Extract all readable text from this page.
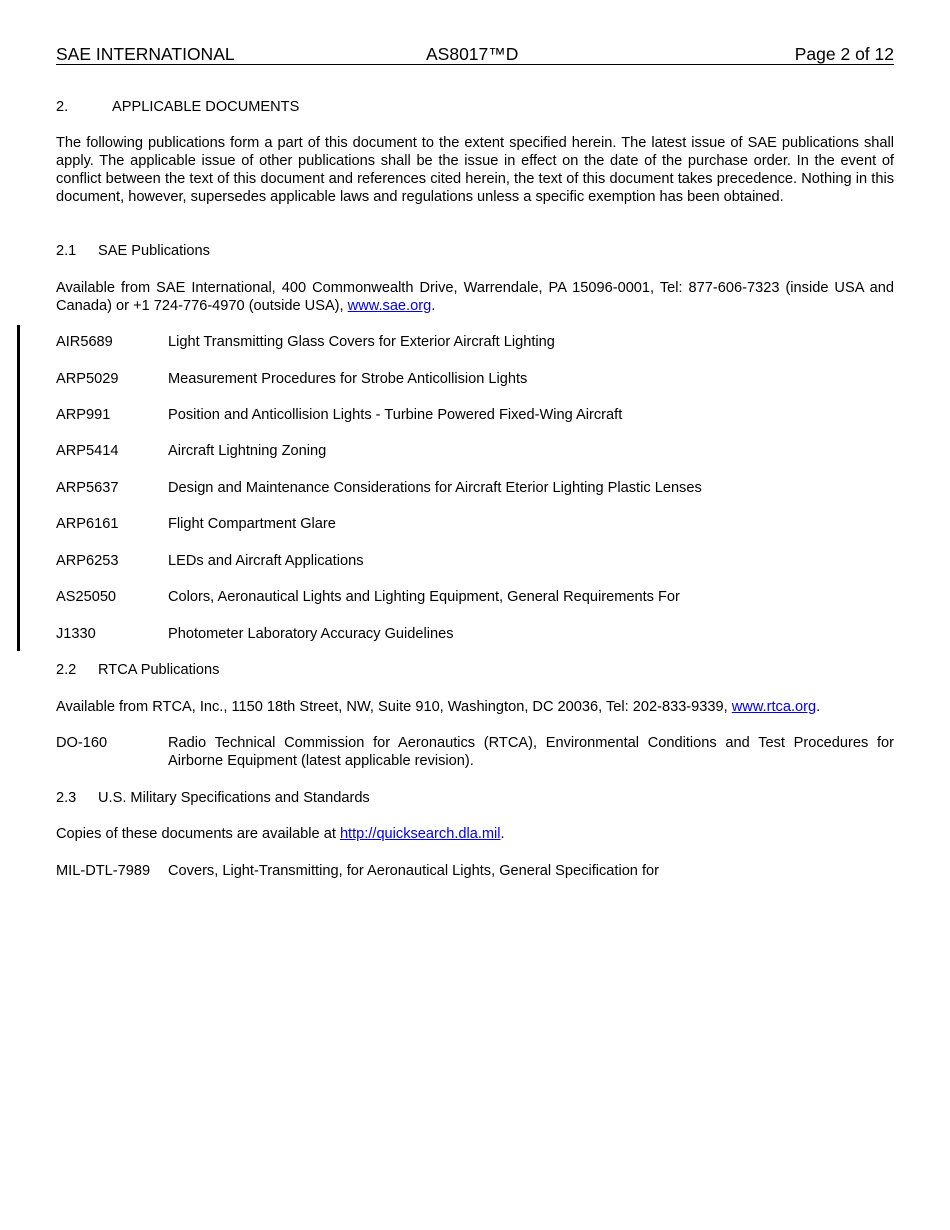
SAE INTERNATIONAL	AS8017™D	Page 2 of 12
2.	APPLICABLE DOCUMENTS
The following publications form a part of this document to the extent specified herein. The latest issue of SAE publications shall apply. The applicable issue of other publications shall be the issue in effect on the date of the purchase order. In the event of conflict between the text of this document and references cited herein, the text of this document takes precedence. Nothing in this document, however, supersedes applicable laws and regulations unless a specific exemption has been obtained.
2.1 SAE Publications
Available from SAE International, 400 Commonwealth Drive, Warrendale, PA 15096-0001, Tel: 877-606-7323 (inside USA and Canada) or +1 724-776-4970 (outside USA), www.sae.org.
AIR5689	Light Transmitting Glass Covers for Exterior Aircraft Lighting
ARP5029	Measurement Procedures for Strobe Anticollision Lights
ARP991	Position and Anticollision Lights - Turbine Powered Fixed-Wing Aircraft
ARP5414	Aircraft Lightning Zoning
ARP5637	Design and Maintenance Considerations for Aircraft Eterior Lighting Plastic Lenses
ARP6161	Flight Compartment Glare
ARP6253	LEDs and Aircraft Applications
AS25050	Colors, Aeronautical Lights and Lighting Equipment, General Requirements For
J1330	Photometer Laboratory Accuracy Guidelines
2.2 RTCA Publications
Available from RTCA, Inc., 1150 18th Street, NW, Suite 910, Washington, DC 20036, Tel: 202-833-9339, www.rtca.org.
DO-160	Radio Technical Commission for Aeronautics (RTCA), Environmental Conditions and Test Procedures for Airborne Equipment (latest applicable revision).
2.3 U.S. Military Specifications and Standards
Copies of these documents are available at http://quicksearch.dla.mil.
MIL-DTL-7989 Covers, Light-Transmitting, for Aeronautical Lights, General Specification for
